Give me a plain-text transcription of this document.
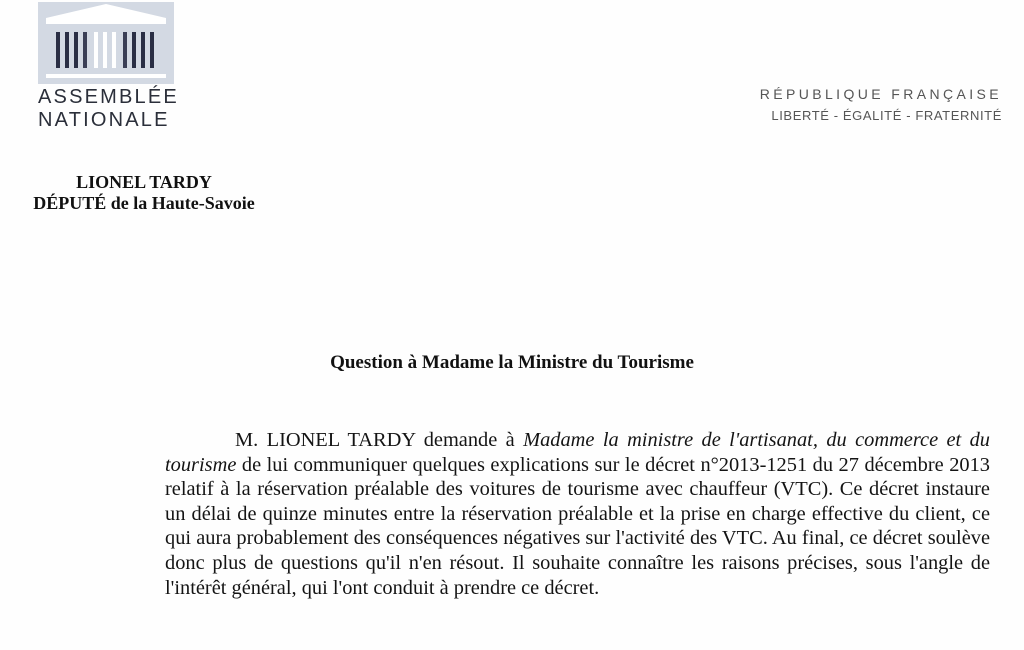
ASSEMBLÉE
NATIONALE
RÉPUBLIQUE FRANÇAISE
LIBERTÉ - ÉGALITÉ - FRATERNITÉ
LIONEL TARDY
DÉPUTÉ de la Haute-Savoie
Question à Madame la Ministre du Tourisme
M. LIONEL TARDY demande à Madame la ministre de l'artisanat, du commerce et du tourisme de lui communiquer quelques explications sur le décret n°2013-1251 du 27 décembre 2013 relatif à la réservation préalable des voitures de tourisme avec chauffeur (VTC). Ce décret instaure un délai de quinze minutes entre la réservation préalable et la prise en charge effective du client, ce qui aura probablement des conséquences négatives sur l'activité des VTC. Au final, ce décret soulève donc plus de questions qu'il n'en résout. Il souhaite connaître les raisons précises, sous l'angle de l'intérêt général, qui l'ont conduit à prendre ce décret.
